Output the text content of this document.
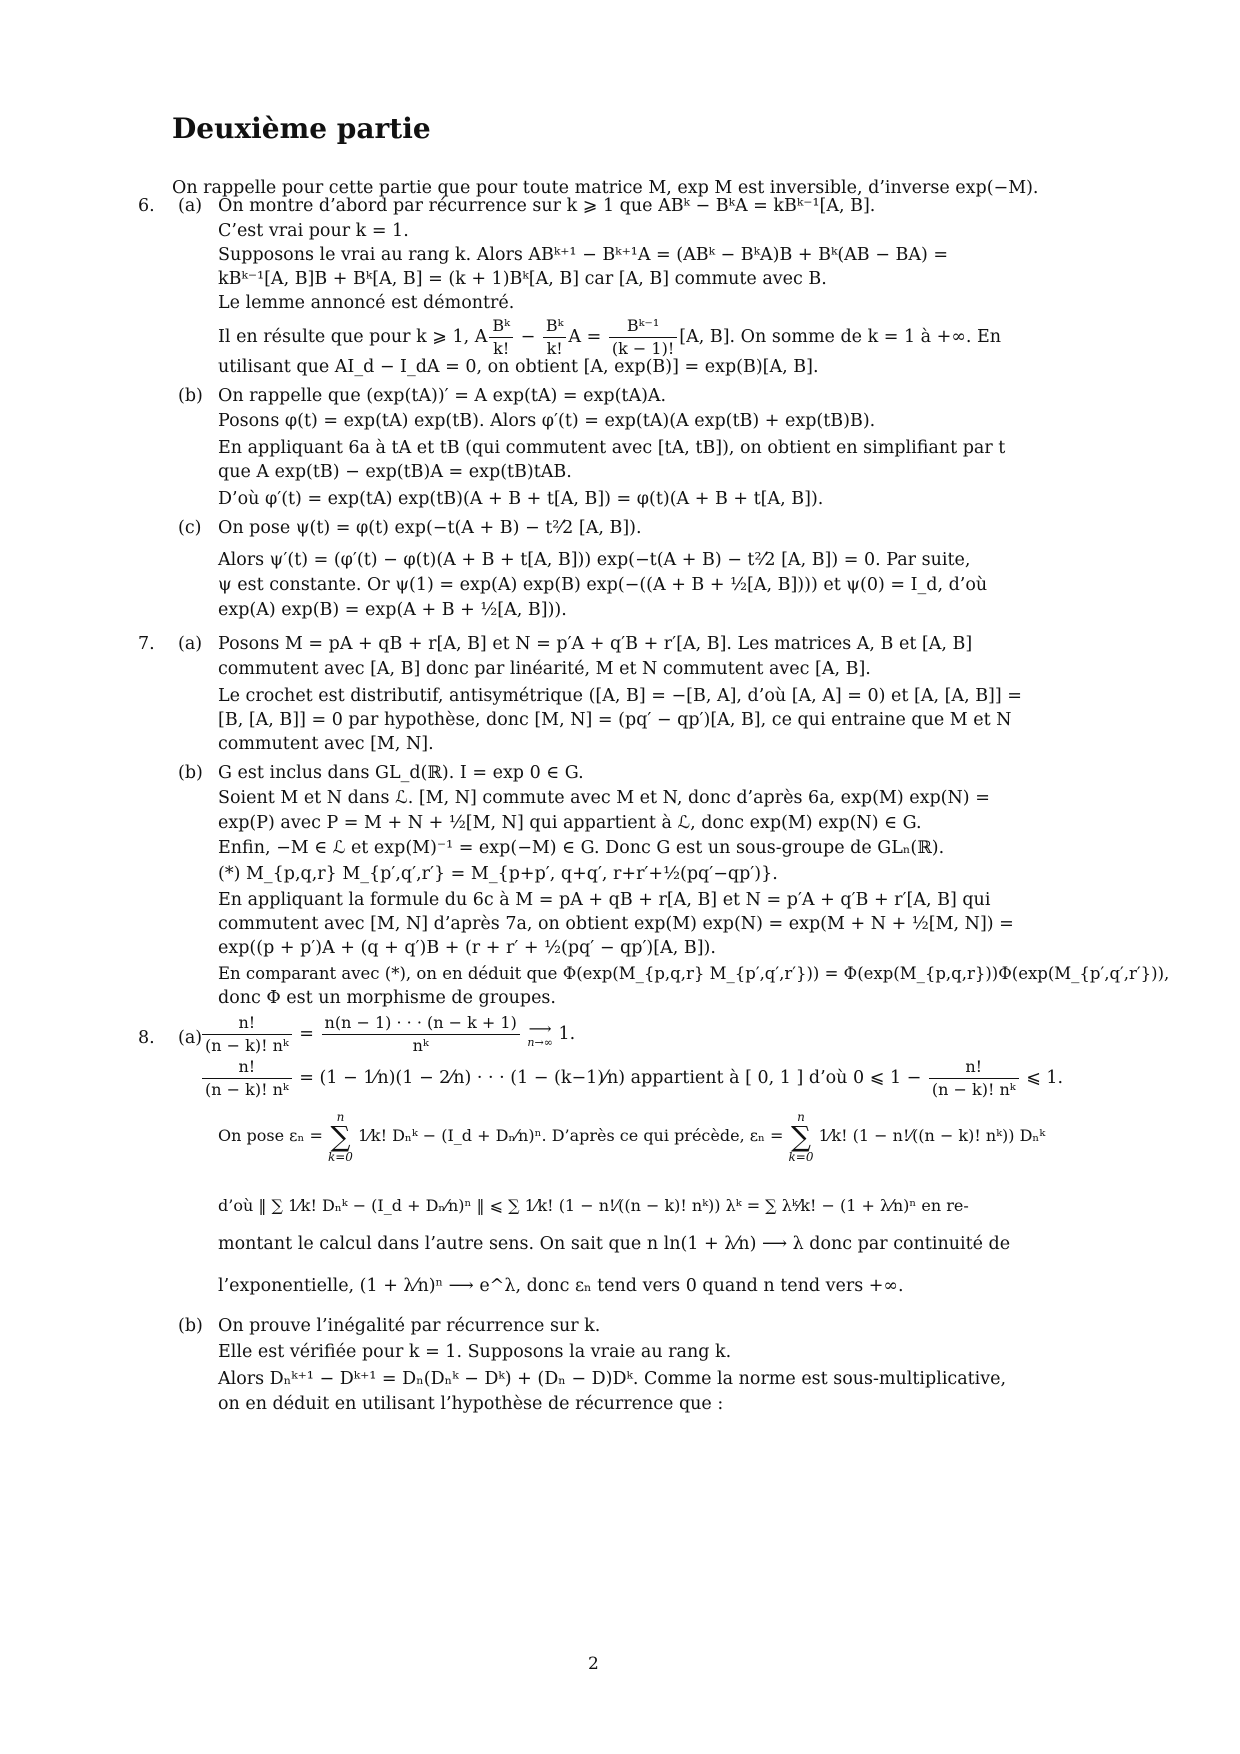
Deuxième partie
On rappelle pour cette partie que pour toute matrice M, exp M est inversible, d’inverse exp(−M).
6. (a) On montre d’abord par récurrence sur k ⩾ 1 que ABᵏ − BᵏA = kBᵏ⁻¹[A, B].
C’est vrai pour k = 1.
Supposons le vrai au rang k. Alors ABᵏ⁺¹ − Bᵏ⁺¹A = (ABᵏ − BᵏA)B + Bᵏ(AB − BA) =
kBᵏ⁻¹[A, B]B + Bᵏ[A, B] = (k + 1)Bᵏ[A, B] car [A, B] commute avec B.
Le lemme annoncé est démontré.
Il en résulte que pour k ⩾ 1, A $\frac{\text{Bᵏ}}{k!} - \frac{\text{Bᵏ}}{k!}$ $A = \frac{\text{Bᵏ⁻¹}}{(k - 1)!} [A$, B]. On somme de k = 1 à +∞. En
utilisant que AI_d − I_dA = 0, on obtient [A, exp(B)] = exp(B)[A, B].
(b) On rappelle que (exp(tA))′ = A exp(tA) = exp(tA)A.
Posons φ(t) = exp(tA) exp(tB). Alors φ′(t) = exp(tA)(A exp(tB) + exp(tB)B).
En appliquant 6a à tA et tB (qui commutent avec [tA, tB]), on obtient en simplifiant par t
que A exp(tB) − exp(tB)A = exp(tB)tAB.
D’où φ′(t) = exp(tA) exp(tB)(A + B + t[A, B]) = φ(t)(A + B + t[A, B]).
(c) On pose ψ(t) = φ(t) exp(−t(A + B) − t²⁄2 [A, B]).
Alors ψ′(t) = (φ′(t) − φ(t)(A + B + t[A, B])) exp(−t(A + B) − t²⁄2 [A, B]) = 0. Par suite,
ψ est constante. Or ψ(1) = exp(A) exp(B) exp(−((A + B + ½[A, B]))) et ψ(0) = I_d, d’où
exp(A) exp(B) = exp(A + B + ½[A, B])).
7. (a) Posons M = pA + qB + r[A, B] et N = p′A + q′B + r′[A, B]. Les matrices A, B et [A, B]
commutent avec [A, B] donc par linéarité, M et N commutent avec [A, B].
Le crochet est distributif, antisymétrique ([A, B] = −[B, A], d’où [A, A] = 0) et [A, [A, B]] =
[B, [A, B]] = 0 par hypothèse, donc [M, N] = (pq′ − qp′)[A, B], ce qui entraine que M et N
commutent avec [M, N].
(b) G est inclus dans GL_d(ℝ). I = exp 0 ∈ G.
Soient M et N dans ℒ. [M, N] commute avec M et N, donc d’après 6a, exp(M) exp(N) =
exp(P) avec P = M + N + ½[M, N] qui appartient à ℒ, donc exp(M) exp(N) ∈ G.
Enfin, −M ∈ ℒ et exp(M)⁻¹ = exp(−M) ∈ G. Donc G est un sous-groupe de GLₙ(ℝ).
(*) M_{p,q,r} M_{p′,q′,r′} = M_{p+p′, q+q′, r+r′+½(pq′−qp′)}.
En appliquant la formule du 6c à M = pA + qB + r[A, B] et N = p′A + q′B + r′[A, B] qui
commutent avec [M, N] d’après 7a, on obtient exp(M) exp(N) = exp(M + N + ½[M, N]) =
exp((p + p′)A + (q + q′)B + (r + r′ + ½(pq′ − qp′)[A, B]).
En comparant avec (*), on en déduit que Φ(exp(M_{p,q,r} M_{p′,q′,r′})) = Φ(exp(M_{p,q,r}))Φ(exp(M_{p′,q′,r′})),
donc Φ est un morphisme de groupes.
8. $(a) \frac{n!}{\text{(n − k)! nᵏ}} = \frac{n(n - 1) \cdot \cdot \cdot (n - k + 1)}{\text{nᵏ}}$
⟶
n→∞ 1.
$\frac{n!}{\text{(n − k)! nᵏ}} = (1$ − 1⁄n)(1 − 2⁄n) · · · (1 − (k−1)⁄n) appartient à [ 0, 1 ] d’où 0 ⩽ $1 - \frac{n!}{\text{(n − k)! nᵏ}}$ ⩽ 1.
On pose εₙ =
n
∑
k=0
1⁄k! Dₙᵏ − (I_d + Dₙ⁄n)ⁿ. D’après ce qui précède, εₙ =
n
∑
k=0
1⁄k! (1 − n!⁄((n − k)! nᵏ)) Dₙᵏ
d’où ‖ ∑ 1⁄k! Dₙᵏ − (I_d + Dₙ⁄n)ⁿ ‖ ⩽ ∑ 1⁄k! (1 − n!⁄((n − k)! nᵏ)) λᵏ = ∑ λᵏ⁄k! − (1 + λ⁄n)ⁿ en re-
montant le calcul dans l’autre sens. On sait que n ln(1 + λ⁄n) ⟶ λ donc par continuité de
l’exponentielle, (1 + λ⁄n)ⁿ ⟶ e^λ, donc εₙ tend vers 0 quand n tend vers +∞.
(b) On prouve l’inégalité par récurrence sur k.
Elle est vérifiée pour k = 1. Supposons la vraie au rang k.
Alors Dₙᵏ⁺¹ − Dᵏ⁺¹ = Dₙ(Dₙᵏ − Dᵏ) + (Dₙ − D)Dᵏ. Comme la norme est sous-multiplicative,
on en déduit en utilisant l’hypothèse de récurrence que :
2
